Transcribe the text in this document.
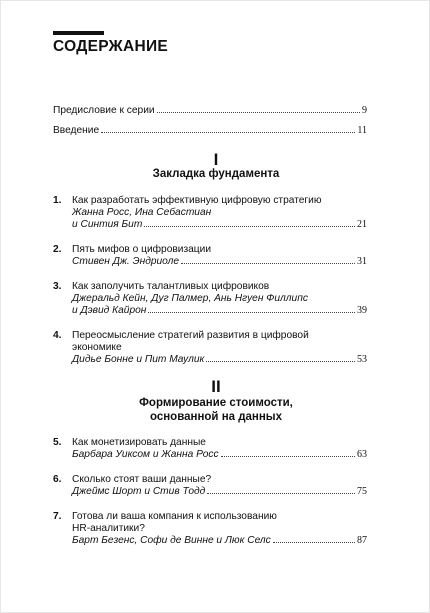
СОДЕРЖАНИЕ
Предисловие к серии	9
Введение	11
I
Закладка фундамента
1. Как разработать эффективную цифровую стратегию
Жанна Росс, Ина Себастиан
и Синтия Бит	21
2. Пять мифов о цифровизации
Стивен Дж. Эндриоле	31
3. Как заполучить талантливых цифровиков
Джеральд Кейн, Дуг Палмер, Ань Нгуен Филлипс
и Дэвид Кайрон	39
4. Переосмысление стратегий развития в цифровой
экономике
Дидье Бонне и Пит Маулик	53
II
Формирование стоимости,
основанной на данных
5. Как монетизировать данные
Барбара Уиксом и Жанна Росс	63
6. Сколько стоят ваши данные?
Джеймс Шорт и Стив Тодд	75
7. Готова ли ваша компания к использованию
HR-аналитики?
Барт Безенс, Софи де Винне и Люк Селс	87
